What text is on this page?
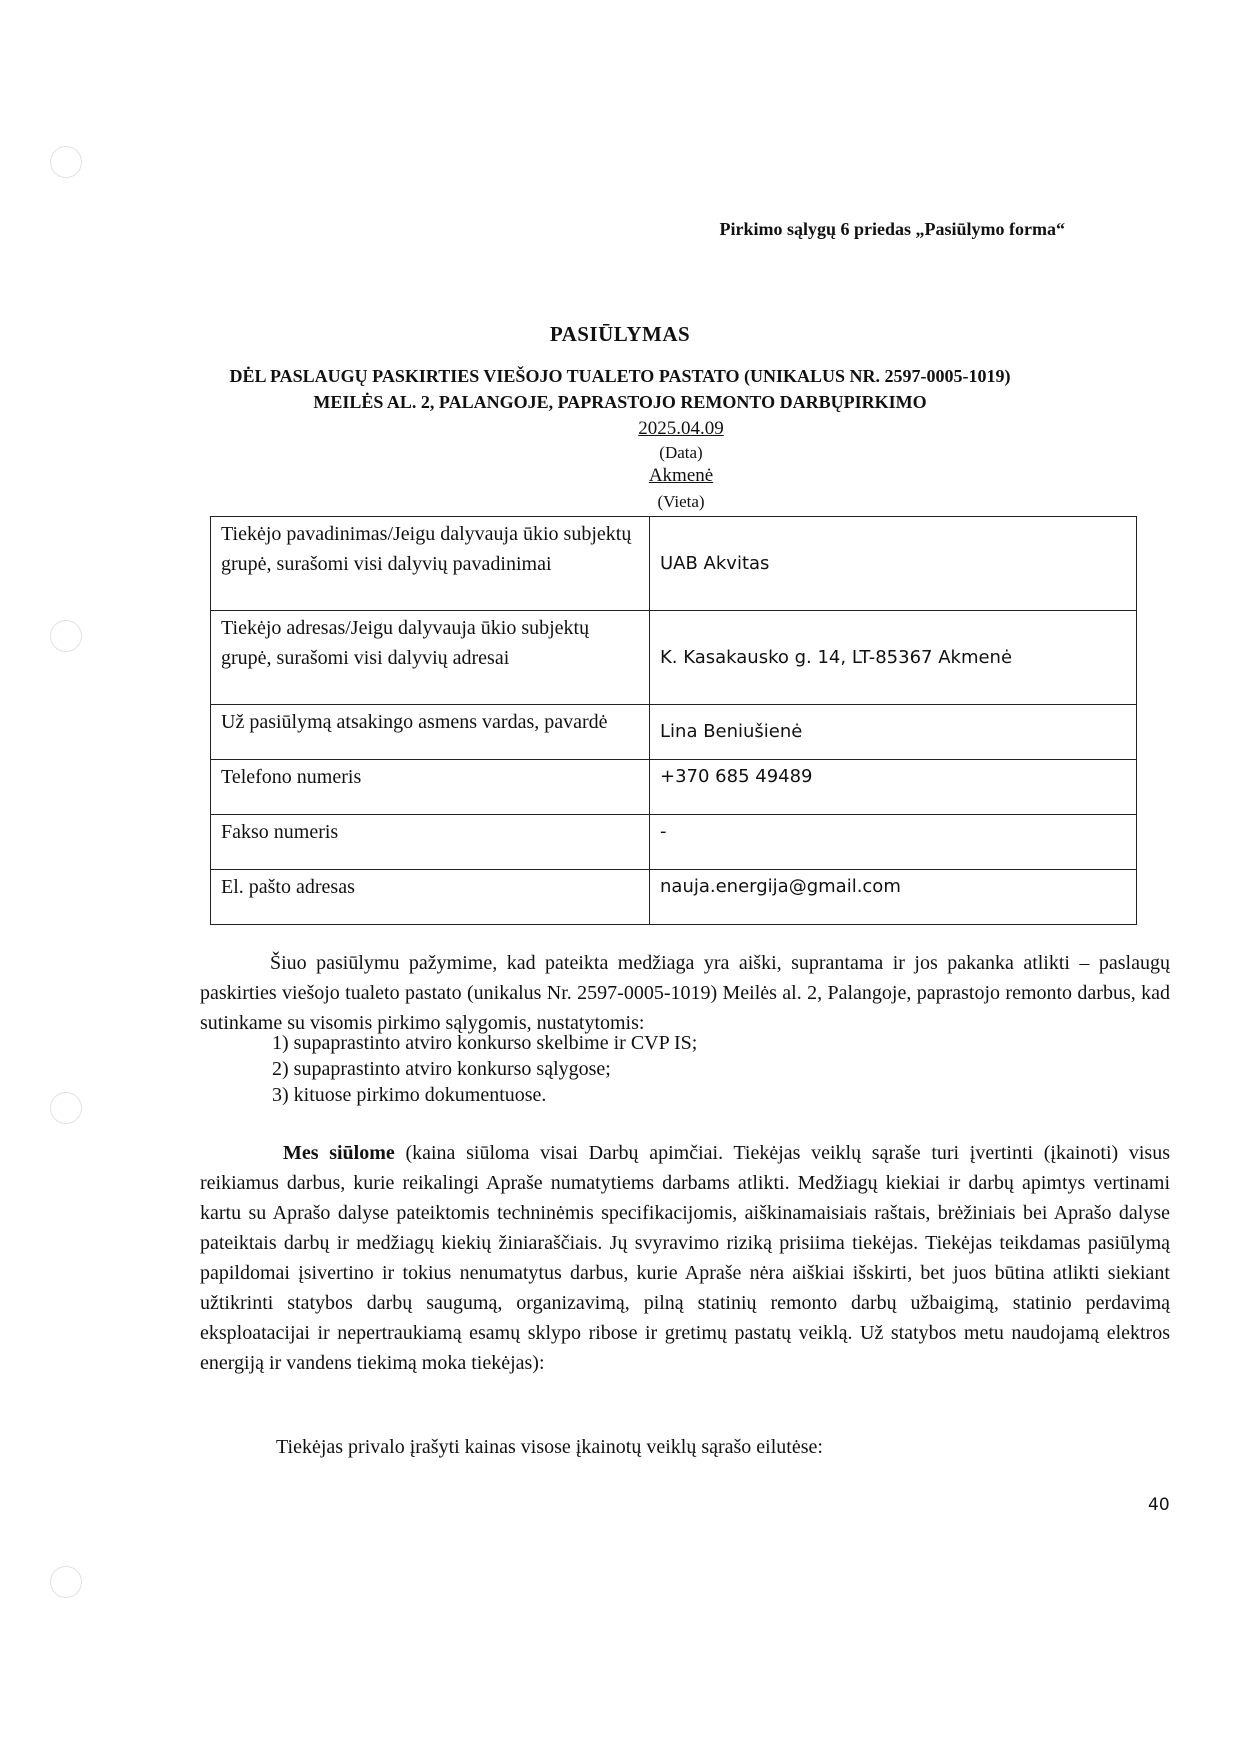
Pirkimo sąlygų 6 priedas „Pasiūlymo forma“
PASIŪLYMAS
DĖL PASLAUGŲ PASKIRTIES VIEŠOJO TUALETO PASTATO (UNIKALUS NR. 2597-0005-1019)
MEILĖS AL. 2, PALANGOJE, PAPRASTOJO REMONTO DARBŲPIRKIMO
2025.04.09
(Data)
Akmenė
(Vieta)
Tiekėjo pavadinimas/Jeigu dalyvauja ūkio subjektų grupė, surašomi visi dalyvių pavadinimai	UAB Akvitas
Tiekėjo adresas/Jeigu dalyvauja ūkio subjektų grupė, surašomi visi dalyvių adresai	K. Kasakausko g. 14, LT-85367 Akmenė
Už pasiūlymą atsakingo asmens vardas, pavardė	Lina Beniušienė
Telefono numeris	+370 685 49489
Fakso numeris	-
El. pašto adresas	nauja.energija@gmail.com
Šiuo pasiūlymu pažymime, kad pateikta medžiaga yra aiški, suprantama ir jos pakanka atlikti – paslaugų paskirties viešojo tualeto pastato (unikalus Nr. 2597-0005-1019) Meilės al. 2, Palangoje, paprastojo remonto darbus, kad sutinkame su visomis pirkimo sąlygomis, nustatytomis:
1) supaprastinto atviro konkurso skelbime ir CVP IS;
2) supaprastinto atviro konkurso sąlygose;
3) kituose pirkimo dokumentuose.
Mes siūlome (kaina siūloma visai Darbų apimčiai. Tiekėjas veiklų sąraše turi įvertinti (įkainoti) visus reikiamus darbus, kurie reikalingi Apraše numatytiems darbams atlikti. Medžiagų kiekiai ir darbų apimtys vertinami kartu su Aprašo dalyse pateiktomis techninėmis specifikacijomis, aiškinamaisiais raštais, brėžiniais bei Aprašo dalyse pateiktais darbų ir medžiagų kiekių žiniaraščiais. Jų svyravimo riziką prisiima tiekėjas. Tiekėjas teikdamas pasiūlymą papildomai įsivertino ir tokius nenumatytus darbus, kurie Apraše nėra aiškiai išskirti, bet juos būtina atlikti siekiant užtikrinti statybos darbų saugumą, organizavimą, pilną statinių remonto darbų užbaigimą, statinio perdavimą eksploatacijai ir nepertraukiamą esamų sklypo ribose ir gretimų pastatų veiklą. Už statybos metu naudojamą elektros energiją ir vandens tiekimą moka tiekėjas):
Tiekėjas privalo įrašyti kainas visose įkainotų veiklų sąrašo eilutėse:
40
